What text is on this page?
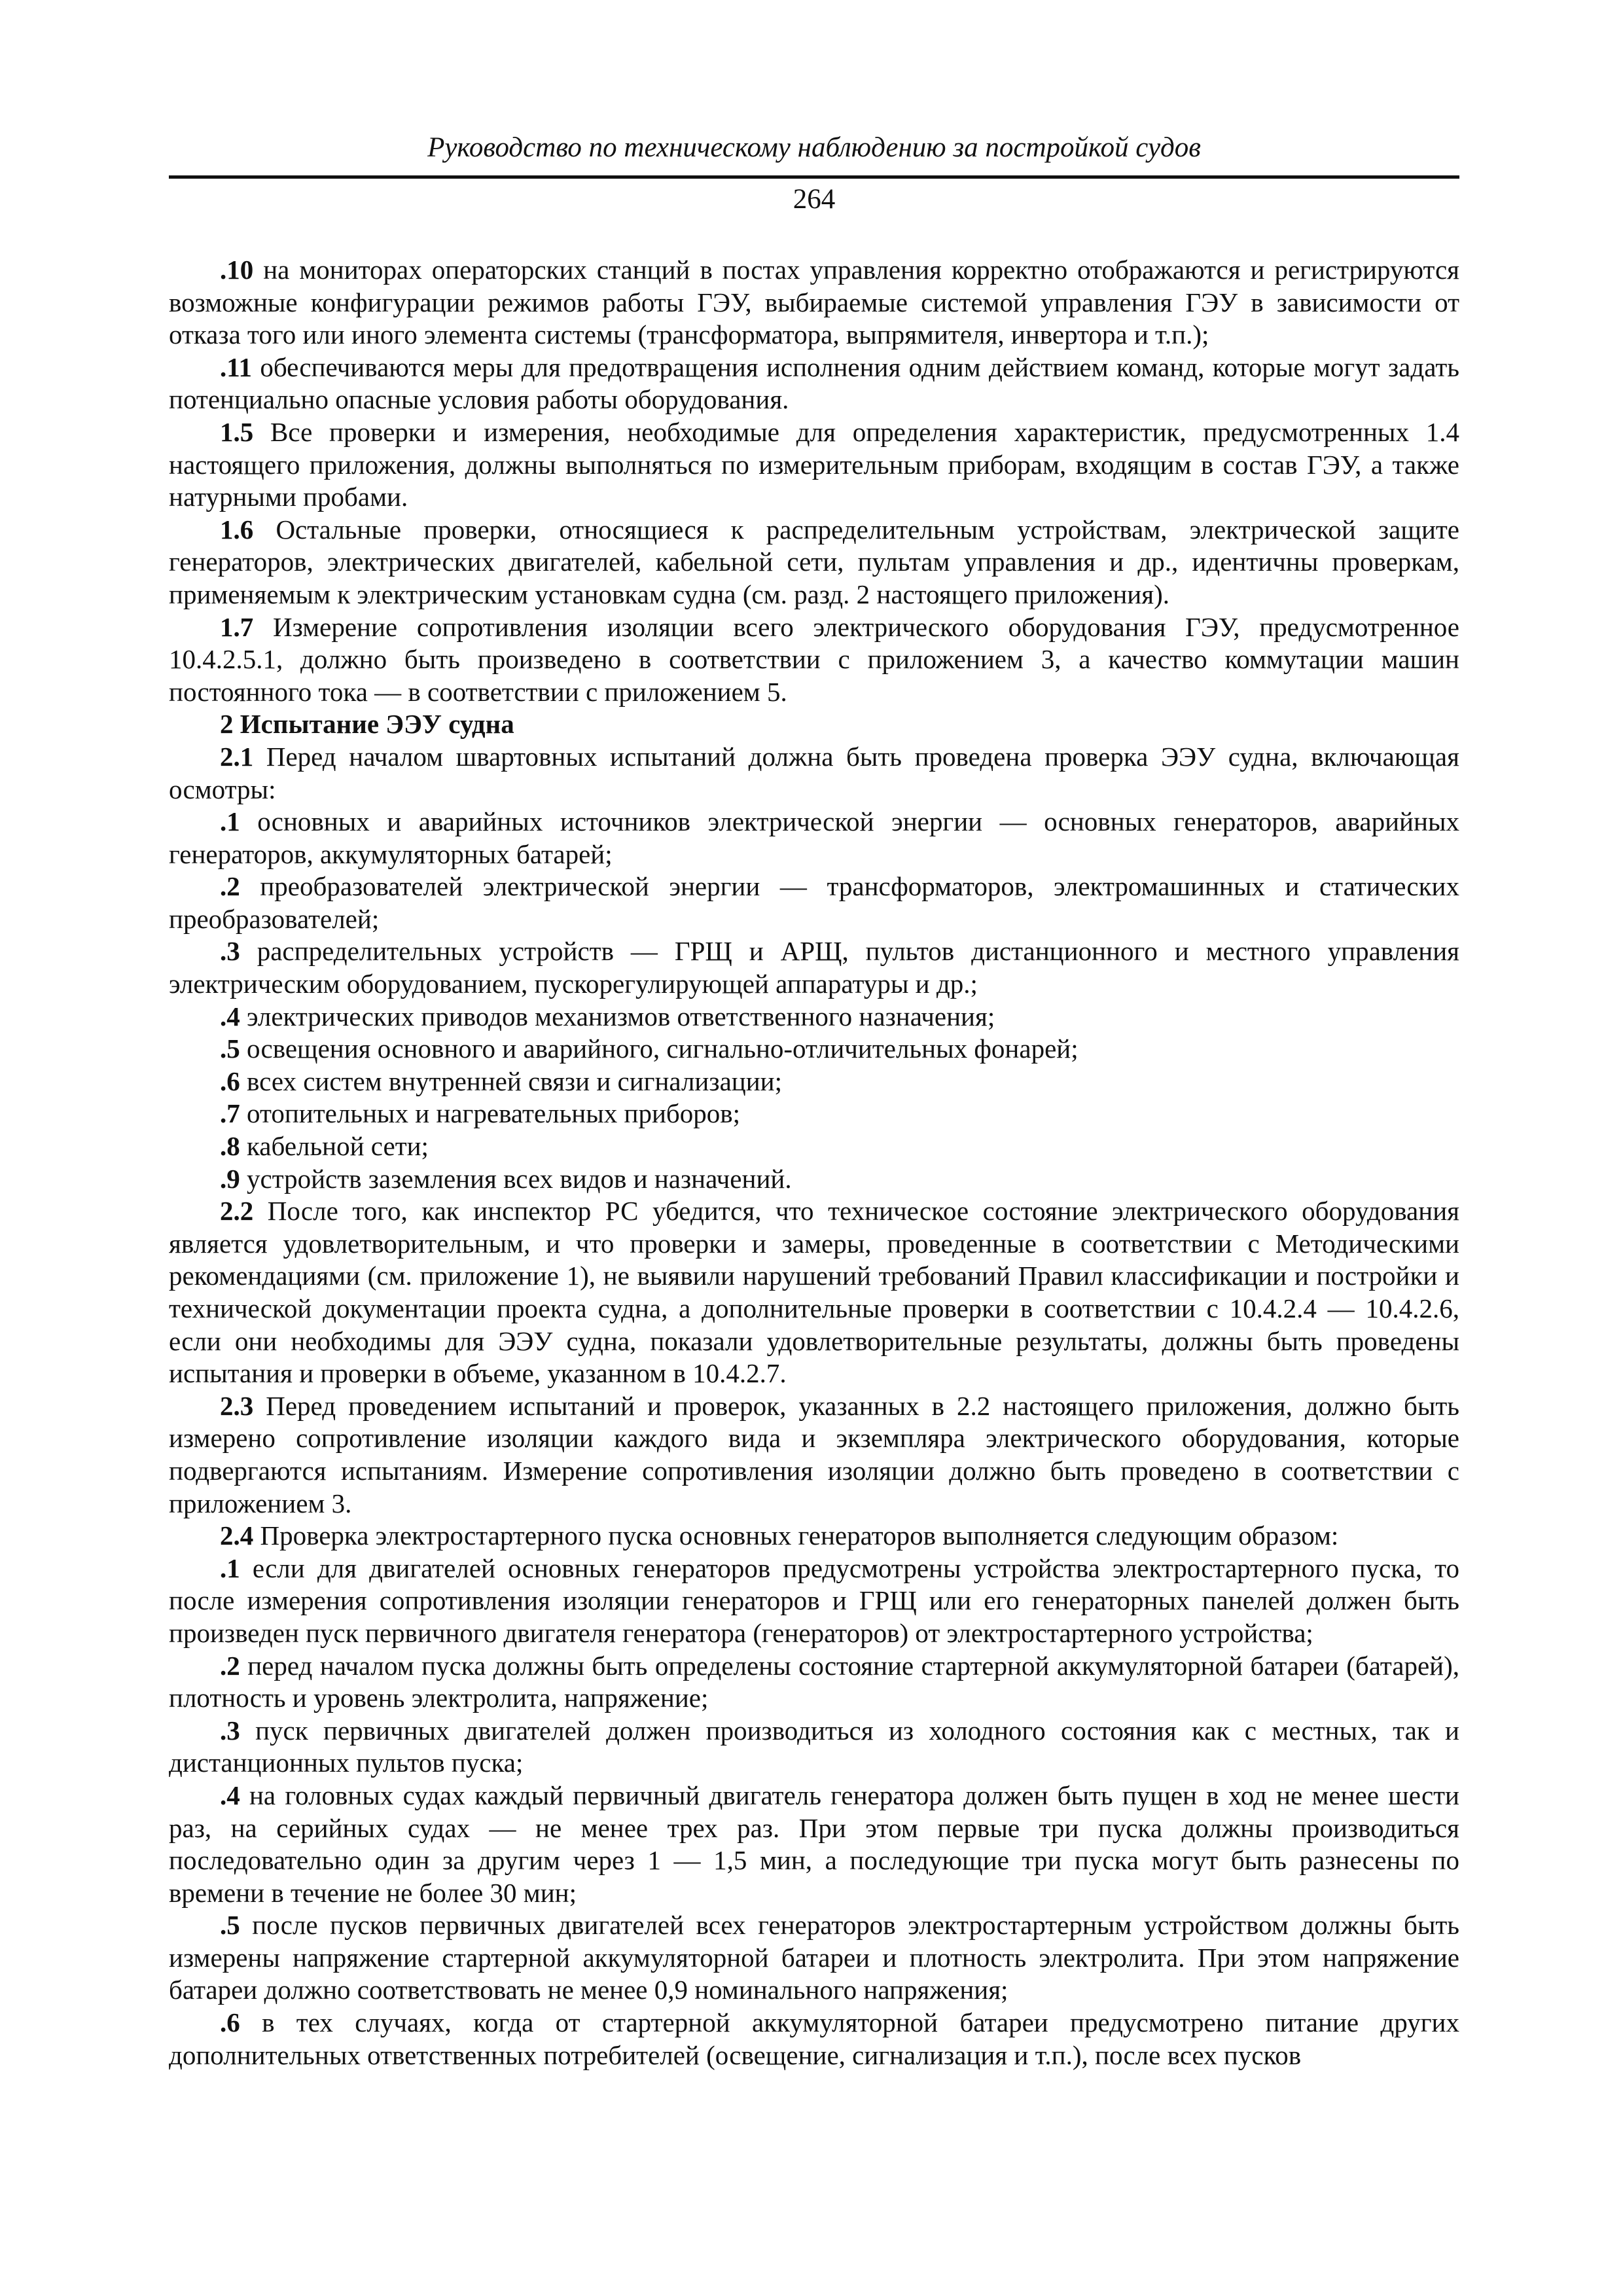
Руководство по техническому наблюдению за постройкой судов
264

.10 на мониторах операторских станций в постах управления корректно отображаются и регистрируются возможные конфигурации режимов работы ГЭУ, выбираемые системой управления ГЭУ в зависимости от отказа того или иного элемента системы (трансформатора, выпрямителя, инвертора и т.п.);

.11 обеспечиваются меры для предотвращения исполнения одним действием команд, которые могут задать потенциально опасные условия работы оборудования.

1.5 Все проверки и измерения, необходимые для определения характеристик, предусмотренных 1.4 настоящего приложения, должны выполняться по измерительным приборам, входящим в состав ГЭУ, а также натурными пробами.

1.6 Остальные проверки, относящиеся к распределительным устройствам, электрической защите генераторов, электрических двигателей, кабельной сети, пультам управления и др., идентичны проверкам, применяемым к электрическим установкам судна (см. разд. 2 настоящего приложения).

1.7 Измерение сопротивления изоляции всего электрического оборудования ГЭУ, предусмотренное 10.4.2.5.1, должно быть произведено в соответствии с приложением 3, а качество коммутации машин постоянного тока — в соответствии с приложением 5.

2 Испытание ЭЭУ судна

2.1 Перед началом швартовных испытаний должна быть проведена проверка ЭЭУ судна, включающая осмотры:

.1 основных и аварийных источников электрической энергии — основных генераторов, аварийных генераторов, аккумуляторных батарей;

.2 преобразователей электрической энергии — трансформаторов, электромашинных и статических преобразователей;

.3 распределительных устройств — ГРЩ и АРЩ, пультов дистанционного и местного управления электрическим оборудованием, пускорегулирующей аппаратуры и др.;

.4 электрических приводов механизмов ответственного назначения;

.5 освещения основного и аварийного, сигнально-отличительных фонарей;

.6 всех систем внутренней связи и сигнализации;

.7 отопительных и нагревательных приборов;

.8 кабельной сети;

.9 устройств заземления всех видов и назначений.

2.2 После того, как инспектор РС убедится, что техническое состояние электрического оборудования является удовлетворительным, и что проверки и замеры, проведенные в соответствии с Методическими рекомендациями (см. приложение 1), не выявили нарушений требований Правил классификации и постройки и технической документации проекта судна, а дополнительные проверки в соответствии с 10.4.2.4 — 10.4.2.6, если они необходимы для ЭЭУ судна, показали удовлетворительные результаты, должны быть проведены испытания и проверки в объеме, указанном в 10.4.2.7.

2.3 Перед проведением испытаний и проверок, указанных в 2.2 настоящего приложения, должно быть измерено сопротивление изоляции каждого вида и экземпляра электрического оборудования, которые подвергаются испытаниям. Измерение сопротивления изоляции должно быть проведено в соответствии с приложением 3.

2.4 Проверка электростартерного пуска основных генераторов выполняется следующим образом:

.1 если для двигателей основных генераторов предусмотрены устройства электростартерного пуска, то после измерения сопротивления изоляции генераторов и ГРЩ или его генераторных панелей должен быть произведен пуск первичного двигателя генератора (генераторов) от электростартерного устройства;

.2 перед началом пуска должны быть определены состояние стартерной аккумуляторной батареи (батарей), плотность и уровень электролита, напряжение;

.3 пуск первичных двигателей должен производиться из холодного состояния как с местных, так и дистанционных пультов пуска;

.4 на головных судах каждый первичный двигатель генератора должен быть пущен в ход не менее шести раз, на серийных судах — не менее трех раз. При этом первые три пуска должны производиться последовательно один за другим через 1 — 1,5 мин, а последующие три пуска могут быть разнесены по времени в течение не более 30 мин;

.5 после пусков первичных двигателей всех генераторов электростартерным устройством должны быть измерены напряжение стартерной аккумуляторной батареи и плотность электролита. При этом напряжение батареи должно соответствовать не менее 0,9 номинального напряжения;

.6 в тех случаях, когда от стартерной аккумуляторной батареи предусмотрено питание других дополнительных ответственных потребителей (освещение, сигнализация и т.п.), после всех пусков
